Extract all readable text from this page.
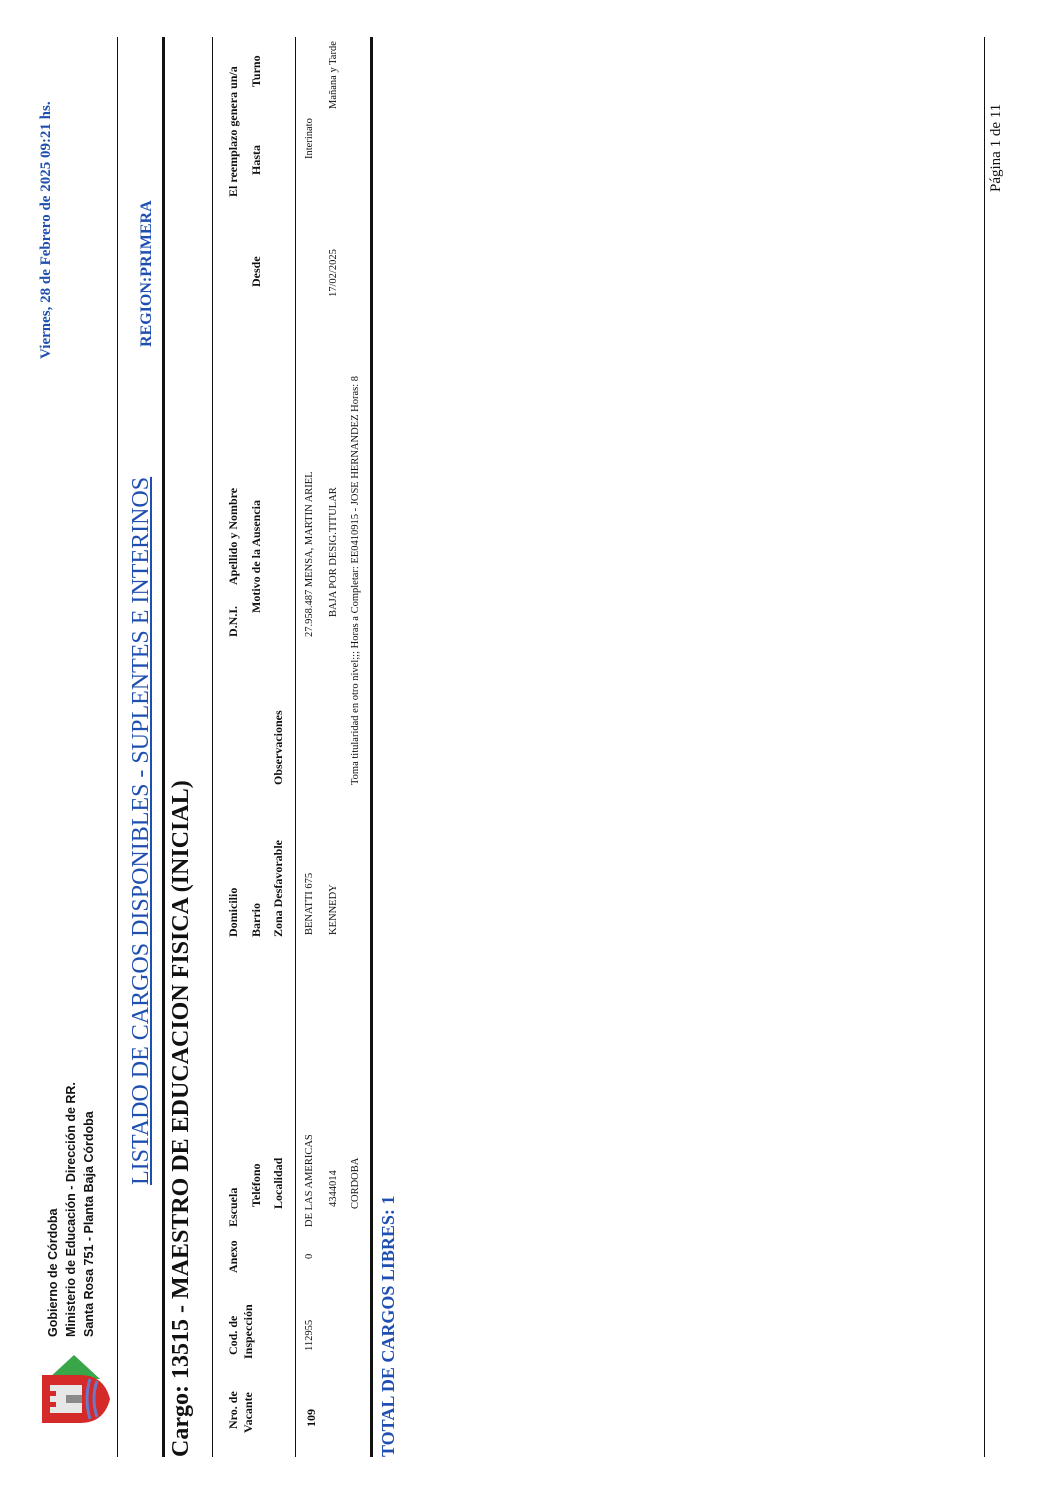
Gobierno de Córdoba Ministerio de Educación - Dirección de RR. Santa Rosa 751 - Planta Baja Córdoba
Viernes, 28 de Febrero de 2025 09:21 hs.
LISTADO DE CARGOS DISPONIBLES - SUPLENTES E INTERINOS
REGION:PRIMERA
Cargo: 13515 - MAESTRO DE EDUCACION FISICA (INICIAL)	Nro. de Vacante
Cod. de Inspección
Anexo
Escuela
Teléfono Localidad
Domicilio Barrio Zona Desfavorable
Observaciones
D.N.I.
Apellido y Nombre Motivo de la Ausencia
El reemplazo genera un/a
Desde
Hasta
Turno
109
112955
0
DE LAS AMERICAS 4344014 CORDOBA
BENATTI 675 KENNEDY
27.958.487 MENSA, MARTIN ARIEL BAJA POR DESIG.TITULAR
17/02/2025
Interinato
Mañana y Tarde
Toma titularidad en otro nivel;;; Horas a Completar: EE0410915 - JOSE HERNANDEZ Horas: 8
TOTAL DE CARGOS LIBRES: 1
Página 1 de 11
